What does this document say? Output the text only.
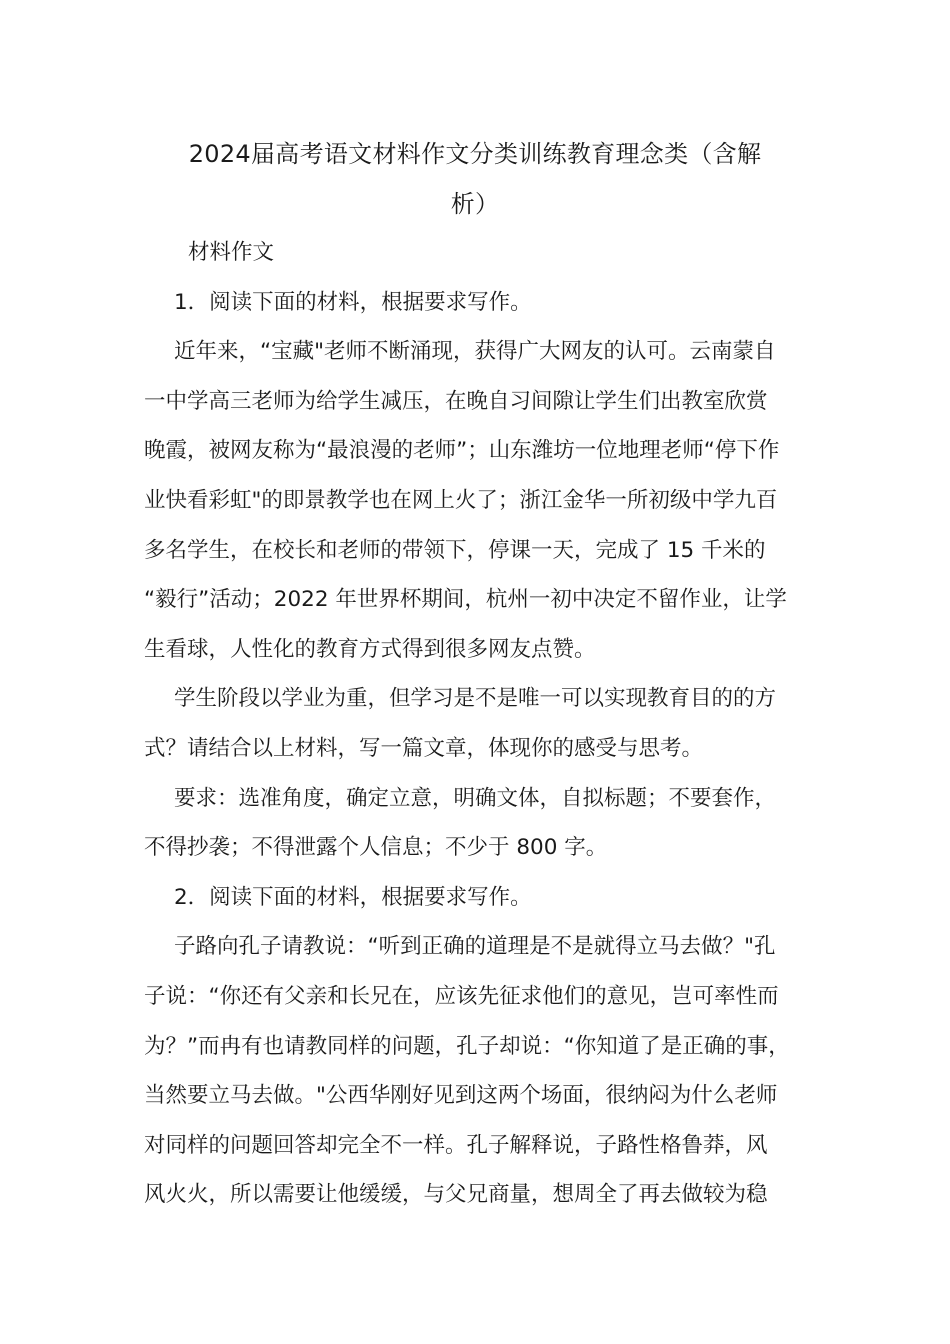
2024届高考语文材料作文分类训练教育理念类（含解
析）
材料作文
1．阅读下面的材料，根据要求写作。
近年来，“宝藏"老师不断涌现，获得广大网友的认可。云南蒙自
一中学高三老师为给学生减压，在晚自习间隙让学生们出教室欣赏
晚霞，被网友称为“最浪漫的老师”；山东潍坊一位地理老师“停下作
业快看彩虹"的即景教学也在网上火了；浙江金华一所初级中学九百
多名学生，在校长和老师的带领下，停课一天，完成了 15 千米的
“毅行”活动；2022 年世界杯期间，杭州一初中决定不留作业，让学
生看球，人性化的教育方式得到很多网友点赞。
学生阶段以学业为重，但学习是不是唯一可以实现教育目的的方
式？请结合以上材料，写一篇文章，体现你的感受与思考。
要求：选准角度，确定立意，明确文体，自拟标题；不要套作，
不得抄袭；不得泄露个人信息；不少于 800 字。
2．阅读下面的材料，根据要求写作。
子路向孔子请教说：“听到正确的道理是不是就得立马去做？"孔
子说：“你还有父亲和长兄在，应该先征求他们的意见，岂可率性而
为？”而冉有也请教同样的问题，孔子却说：“你知道了是正确的事，
当然要立马去做。"公西华刚好见到这两个场面，很纳闷为什么老师
对同样的问题回答却完全不一样。孔子解释说，子路性格鲁莽，风
风火火，所以需要让他缓缓，与父兄商量，想周全了再去做较为稳
